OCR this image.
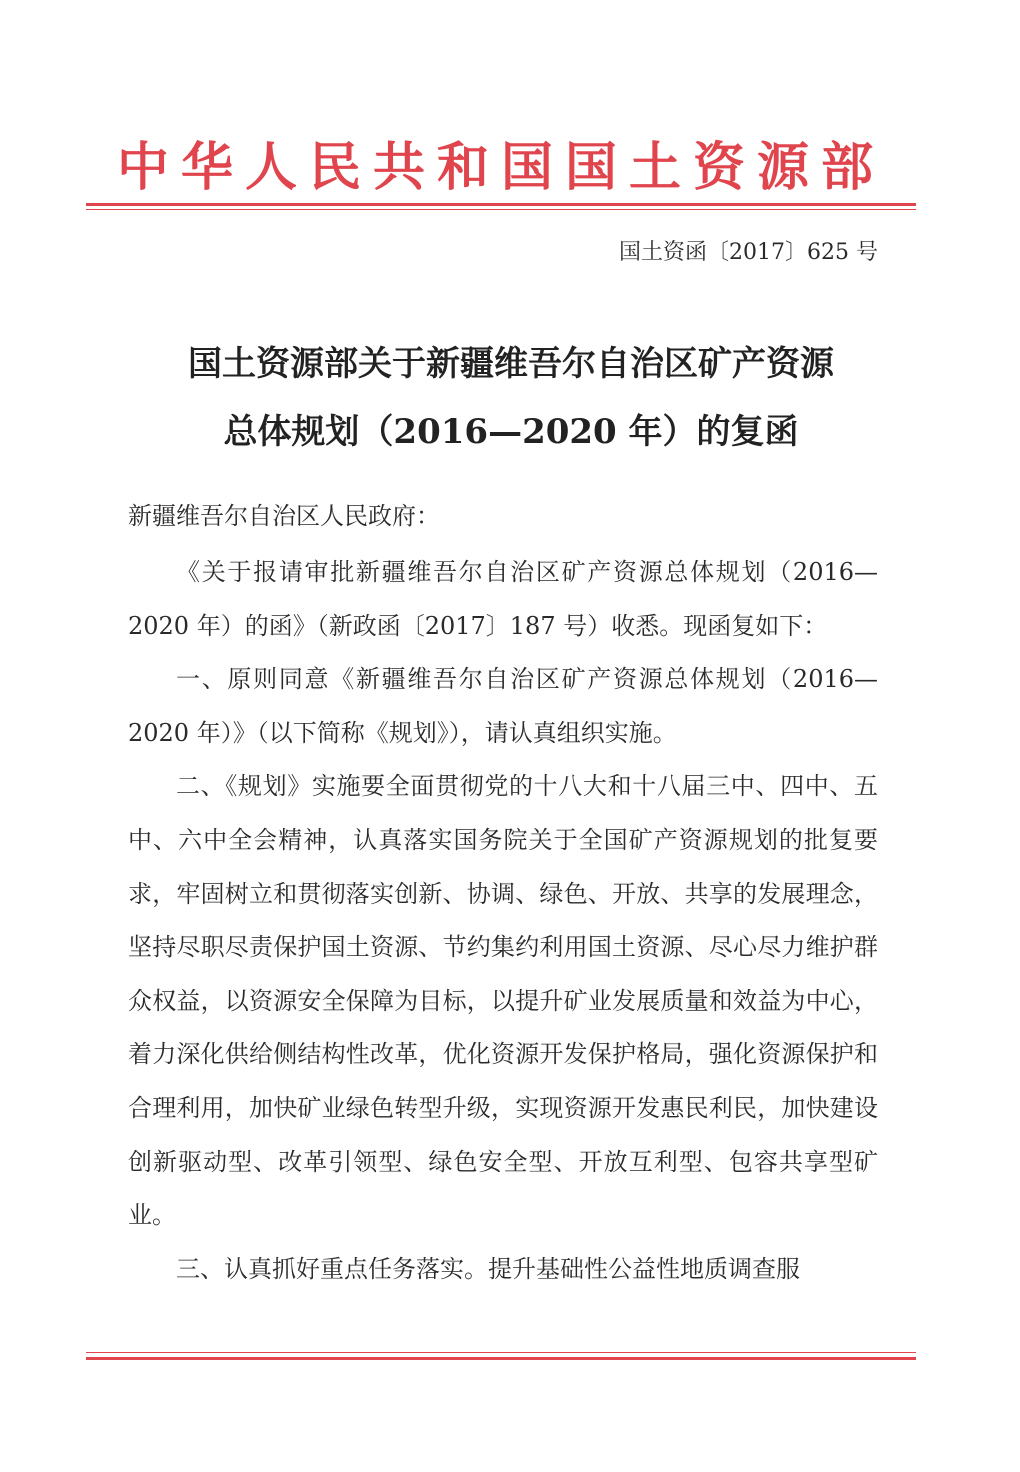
中华人民共和国国土资源部
国土资函〔2017〕625 号
国土资源部关于新疆维吾尔自治区矿产资源
总体规划（2016—2020 年）的复函
新疆维吾尔自治区人民政府：

《关于报请审批新疆维吾尔自治区矿产资源总体规划（2016—2020 年）的函》（新政函〔2017〕187 号）收悉。现函复如下：

一、原则同意《新疆维吾尔自治区矿产资源总体规划（2016—2020 年）》（以下简称《规划》），请认真组织实施。

二、《规划》实施要全面贯彻党的十八大和十八届三中、四中、五中、六中全会精神，认真落实国务院关于全国矿产资源规划的批复要求，牢固树立和贯彻落实创新、协调、绿色、开放、共享的发展理念，坚持尽职尽责保护国土资源、节约集约利用国土资源、尽心尽力维护群众权益，以资源安全保障为目标，以提升矿业发展质量和效益为中心，着力深化供给侧结构性改革，优化资源开发保护格局，强化资源保护和合理利用，加快矿业绿色转型升级，实现资源开发惠民利民，加快建设创新驱动型、改革引领型、绿色安全型、开放互利型、包容共享型矿业。

三、认真抓好重点任务落实。提升基础性公益性地质调查服
